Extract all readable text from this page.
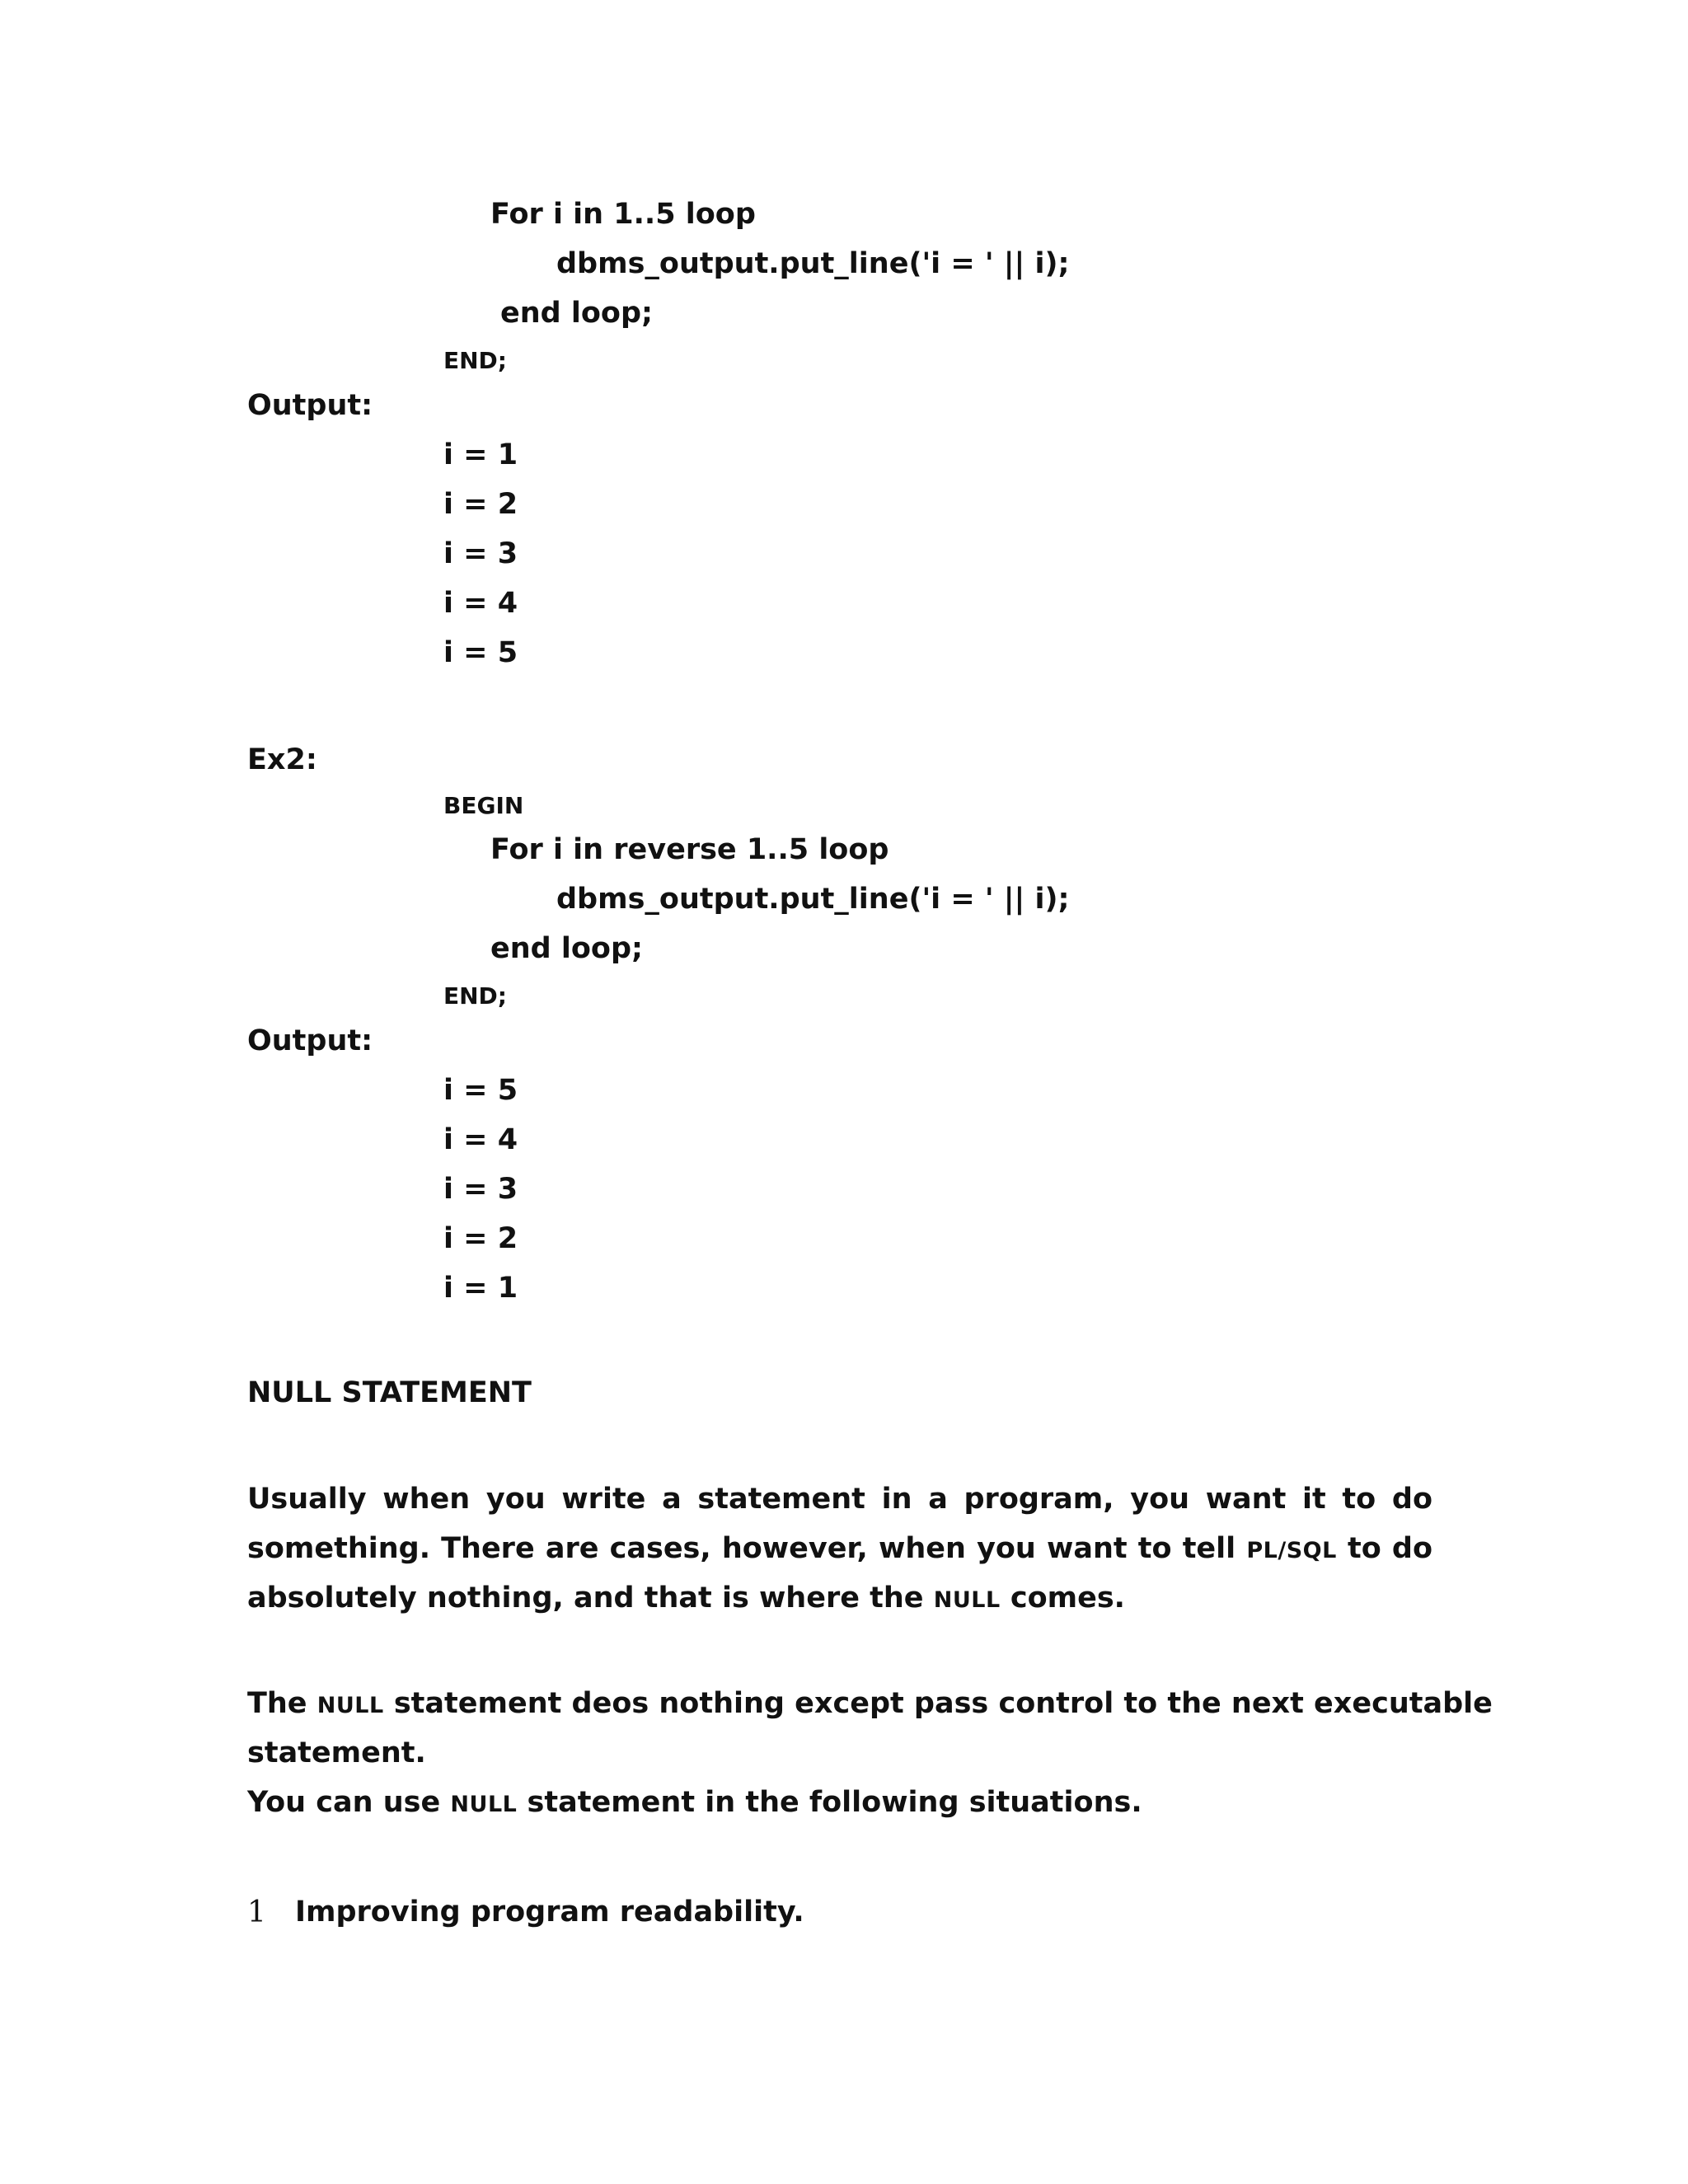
For i in 1..5 loop
dbms_output.put_line('i = ' || i);
end loop;
END;
Output:
i = 1
i = 2
i = 3
i = 4
i = 5
Ex2:
BEGIN
For i in reverse 1..5 loop
dbms_output.put_line('i = ' || i);
end loop;
END;
Output:
i = 5
i = 4
i = 3
i = 2
i = 1
NULL STATEMENT
Usually when you write a statement in a program, you want it to do
something. There are cases, however, when you want to tell PL/SQL to do
absolutely nothing, and that is where the NULL comes.
The NULL statement deos nothing except pass control to the next executable
statement.
You can use NULL statement in the following situations.
1 Improving program readability.
